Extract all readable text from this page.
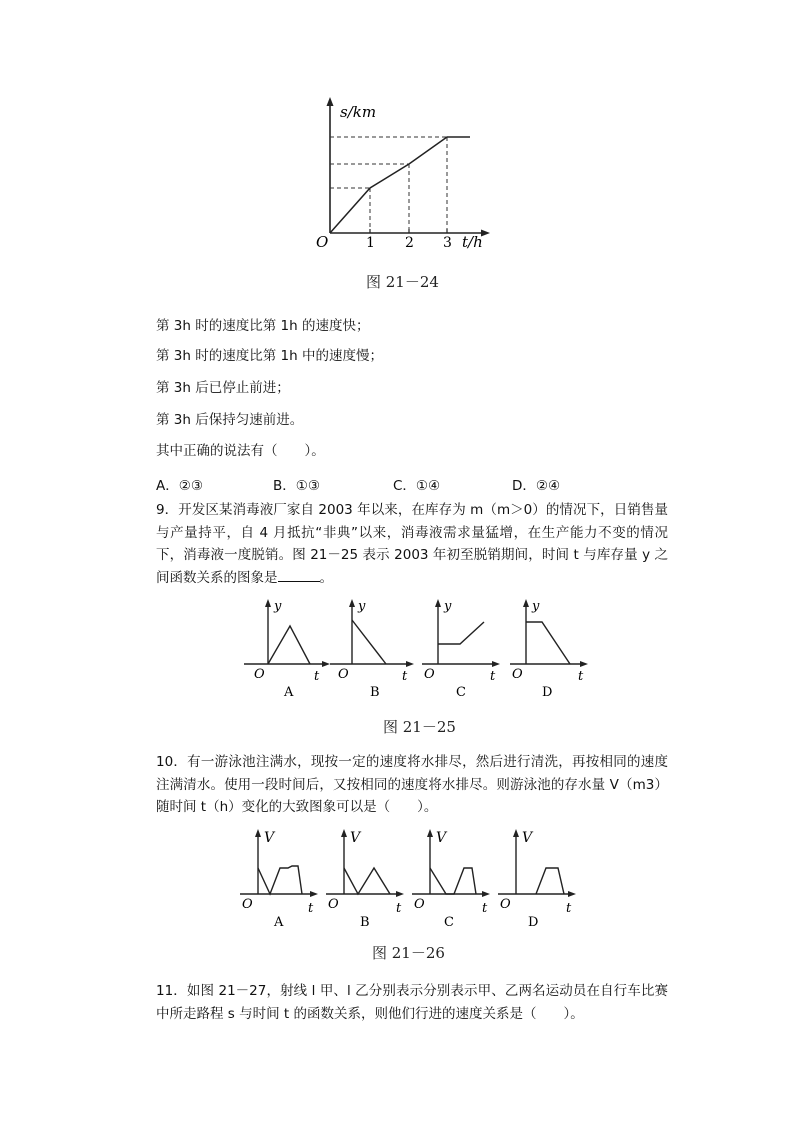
s/km
O	1 2 3 t/h
图 21－24
第 3h 时的速度比第 1h 的速度快；
第 3h 时的速度比第 1h 中的速度慢；
第 3h 后已停止前进；
第 3h 后保持匀速前进。
其中正确的说法有（　　）。
A．②③	B．①③	C．①④	D．②④
9．开发区某消毒液厂家自 2003 年以来，在库存为 m（m＞0）的情况下，日销售量与产量持平，自 4 月抵抗“非典”以来，消毒液需求量猛增，在生产能力不变的情况下，消毒液一度脱销。图 21－25 表示 2003 年初至脱销期间，时间 t 与库存量 y 之间函数关系的图象是	。
y
O	t
A
y
O	t
B
y
O	t
C
y
O	t
D
图 21－25
10．有一游泳池注满水，现按一定的速度将水排尽，然后进行清洗，再按相同的速度注满清水。使用一段时间后，又按相同的速度将水排尽。则游泳池的存水量 V（m3）随时间 t（h）变化的大致图象可以是（　　）。
V
O	t
A
V
O	t
B
V
O	t
C
V
O	t
D
图 21－26
11．如图 21－27，射线 l 甲、l 乙分别表示分别表示甲、乙两名运动员在自行车比赛中所走路程 s 与时间 t 的函数关系，则他们行进的速度关系是（　　）。
